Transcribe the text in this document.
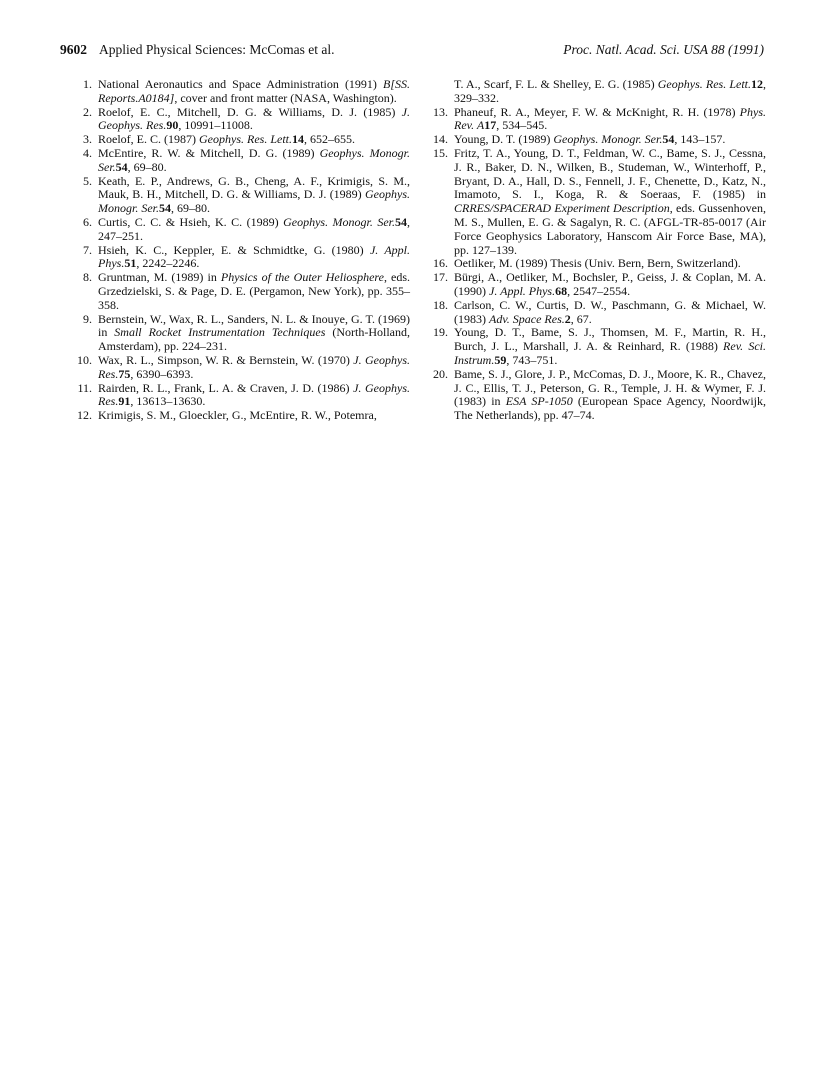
9602 Applied Physical Sciences: McComas et al.	Proc. Natl. Acad. Sci. USA 88 (1991)

1. National Aeronautics and Space Administration (1991) B[SS. Reports.A0184], cover and front matter (NASA, Washington).

2. Roelof, E. C., Mitchell, D. G. & Williams, D. J. (1985) J. Geophys. Res.90, 10991–11008.

3. Roelof, E. C. (1987) Geophys. Res. Lett.14, 652–655.

4. McEntire, R. W. & Mitchell, D. G. (1989) Geophys. Monogr. Ser.54, 69–80.

5. Keath, E. P., Andrews, G. B., Cheng, A. F., Krimigis, S. M., Mauk, B. H., Mitchell, D. G. & Williams, D. J. (1989) Geophys. Monogr. Ser.54, 69–80.

6. Curtis, C. C. & Hsieh, K. C. (1989) Geophys. Monogr. Ser.54, 247–251.

7. Hsieh, K. C., Keppler, E. & Schmidtke, G. (1980) J. Appl. Phys.51, 2242–2246.

8. Gruntman, M. (1989) in Physics of the Outer Heliosphere, eds. Grzedzielski, S. & Page, D. E. (Pergamon, New York), pp. 355–358.

9. Bernstein, W., Wax, R. L., Sanders, N. L. & Inouye, G. T. (1969) in Small Rocket Instrumentation Techniques (North-Holland, Amsterdam), pp. 224–231.

10. Wax, R. L., Simpson, W. R. & Bernstein, W. (1970) J. Geophys. Res.75, 6390–6393.

11. Rairden, R. L., Frank, L. A. & Craven, J. D. (1986) J. Geophys. Res.91, 13613–13630.

12. Krimigis, S. M., Gloeckler, G., McEntire, R. W., Potemra,

T. A., Scarf, F. L. & Shelley, E. G. (1985) Geophys. Res. Lett.12, 329–332.

13. Phaneuf, R. A., Meyer, F. W. & McKnight, R. H. (1978) Phys. Rev. A17, 534–545.

14. Young, D. T. (1989) Geophys. Monogr. Ser.54, 143–157.

15. Fritz, T. A., Young, D. T., Feldman, W. C., Bame, S. J., Cessna, J. R., Baker, D. N., Wilken, B., Studeman, W., Winterhoff, P., Bryant, D. A., Hall, D. S., Fennell, J. F., Chenette, D., Katz, N., Imamoto, S. I., Koga, R. & Soeraas, F. (1985) in CRRES/SPACERAD Experiment Description, eds. Gussenhoven, M. S., Mullen, E. G. & Sagalyn, R. C. (AFGL-TR-85-0017 (Air Force Geophysics Laboratory, Hanscom Air Force Base, MA), pp. 127–139.

16. Oetliker, M. (1989) Thesis (Univ. Bern, Bern, Switzerland).

17. Bürgi, A., Oetliker, M., Bochsler, P., Geiss, J. & Coplan, M. A. (1990) J. Appl. Phys.68, 2547–2554.

18. Carlson, C. W., Curtis, D. W., Paschmann, G. & Michael, W. (1983) Adv. Space Res.2, 67.

19. Young, D. T., Bame, S. J., Thomsen, M. F., Martin, R. H., Burch, J. L., Marshall, J. A. & Reinhard, R. (1988) Rev. Sci. Instrum.59, 743–751.

20. Bame, S. J., Glore, J. P., McComas, D. J., Moore, K. R., Chavez, J. C., Ellis, T. J., Peterson, G. R., Temple, J. H. & Wymer, F. J. (1983) in ESA SP-1050 (European Space Agency, Noordwijk, The Netherlands), pp. 47–74.
